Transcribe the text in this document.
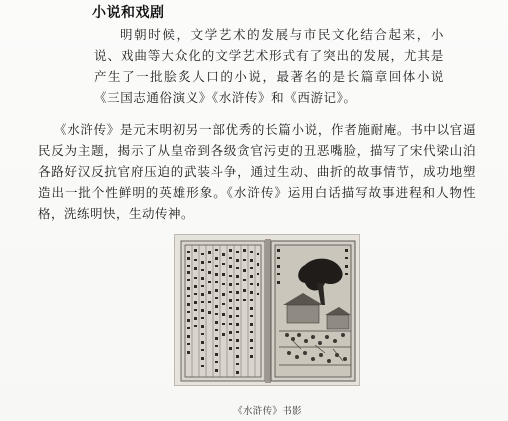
小说和戏剧

明朝时候，文学艺术的发展与市民文化结合起来，小说、戏曲等大众化的文学艺术形式有了突出的发展，尤其是产生了一批脍炙人口的小说，最著名的是长篇章回体小说《三国志通俗演义》《水浒传》和《西游记》。

《水浒传》是元末明初另一部优秀的长篇小说，作者施耐庵。书中以官逼民反为主题，揭示了从皇帝到各级贪官污吏的丑恶嘴脸，描写了宋代梁山泊各路好汉反抗官府压迫的武装斗争，通过生动、曲折的故事情节，成功地塑造出一批个性鲜明的英雄形象。《水浒传》运用白话描写故事进程和人物性格，洗练明快，生动传神。

《水浒传》书影
